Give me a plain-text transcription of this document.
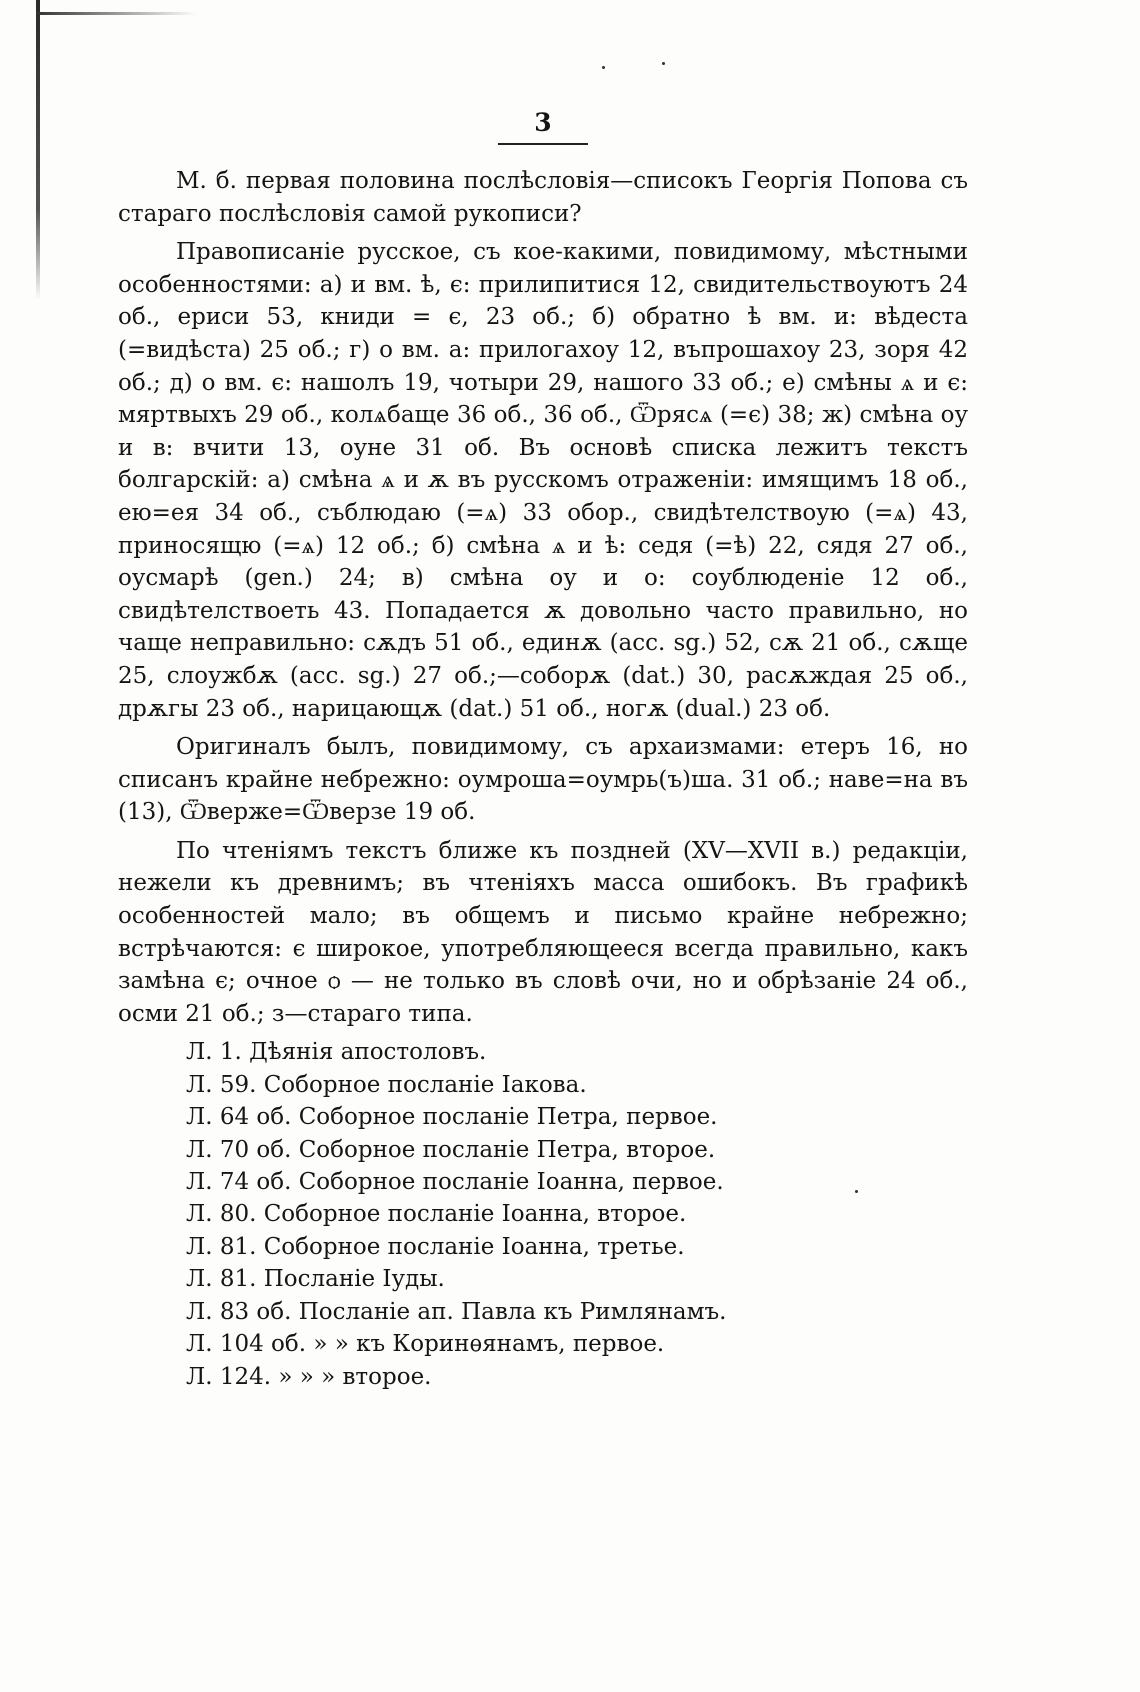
3

М. б. первая половина послѣсловія—списокъ Георгія Попова съ стараго послѣсловія самой рукописи?

Правописаніе русское, съ кое-какими, повидимому, мѣстными особенностями: а) и вм. ѣ, є: прилипитися 12, свидительствоуютъ 24 об., ериси 53, книди = є, 23 об.; б) обратно ѣ вм. и: вѣдеста (=видѣста) 25 об.; г) о вм. а: прилогахоу 12, въпрошахоу 23, зоря 42 об.; д) о вм. є: нашолъ 19, чотыри 29, нашого 33 об.; е) смѣны ѧ и є: мяртвыхъ 29 об., колѧбаще 36 об., 36 об., Ѿрясѧ (=є) 38; ж) смѣна оу и в: вчити 13, оуне 31 об. Въ основѣ списка лежитъ текстъ болгарскій: а) смѣна ѧ и ѫ въ русскомъ отраженіи: имящимъ 18 об., ею=ея 34 об., съблюдаю (=ѧ) 33 обор., свидѣтелствоую (=ѧ) 43, приносящю (=ѧ) 12 об.; б) смѣна ѧ и ѣ: седя (=ѣ) 22, сядя 27 об., оусмарѣ (gen.) 24; в) смѣна оу и о: соублюденіе 12 об., свидѣтелствоеть 43. Попадается ѫ довольно часто правильно, но чаще неправильно: сѫдъ 51 об., единѫ (acc. sg.) 52, сѫ 21 об., сѫще 25, слоужбѫ (acc. sg.) 27 об.;—соборѫ (dat.) 30, расѫждая 25 об., дрѫгы 23 об., нарицающѫ (dat.) 51 об., ногѫ (dual.) 23 об.

Оригиналъ былъ, повидимому, съ архаизмами: етеръ 16, но списанъ крайне небрежно: оумроша=оумрь(ъ)ша. 31 об.; наве=на въ (13), Ѿверже=Ѿверзе 19 об.

По чтеніямъ текстъ ближе къ поздней (XV—XVII в.) редакціи, нежели къ древнимъ; въ чтеніяхъ масса ошибокъ. Въ графикѣ особенностей мало; въ общемъ и письмо крайне небрежно; встрѣчаются: є широкое, употребляющееся всегда правильно, какъ замѣна є; очное ѻ — не только въ словѣ очи, но и обрѣзаніе 24 об., осми 21 об.; з—стараго типа.

Л. 1. Дѣянія апостоловъ.
Л. 59. Соборное посланіе Іакова.
Л. 64 об. Соборное посланіе Петра, первое.
Л. 70 об. Соборное посланіе Петра, второе.
Л. 74 об. Соборное посланіе Іоанна, первое.
Л. 80. Соборное посланіе Іоанна, второе.
Л. 81. Соборное посланіе Іоанна, третье.
Л. 81. Посланіе Іуды.
Л. 83 об. Посланіе ап. Павла къ Римлянамъ.
Л. 104 об. » » къ Коринѳянамъ, первое.
Л. 124. » » » второе.
